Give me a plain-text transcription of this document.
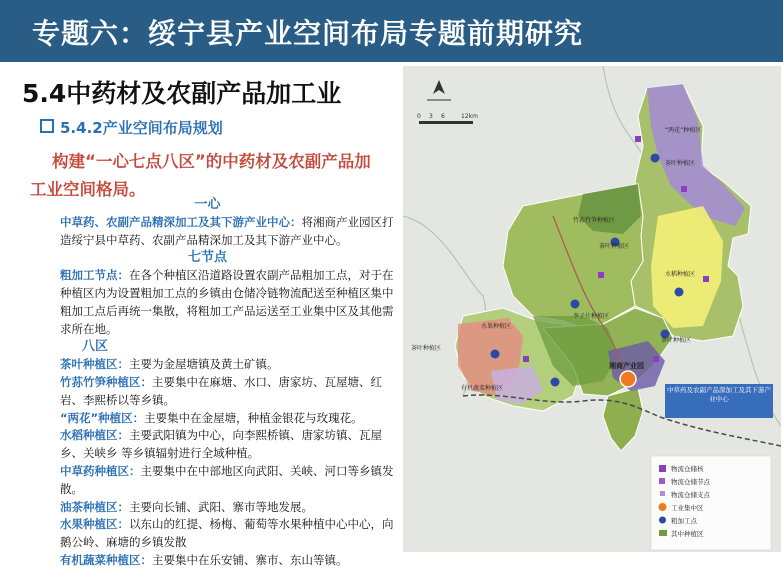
专题六：绥宁县产业空间布局专题前期研究
5.4中药材及农副产品加工业
5.4.2产业空间布局规划
构建“一心七点八区”的中药材及农副产品加
工业空间格局。

一心

中草药、农副产品精深加工及其下游产业中心：将湘商产业园区打造绥宁县中草药、农副产品精深加工及其下游产业中心。

七节点

粗加工节点：在各个种植区沿道路设置农副产品粗加工点，对于在种植区内为设置粗加工点的乡镇由仓储冷链物流配送至种植区集中粗加工点后再统一集散，将粗加工产品运送至工业集中区及其他需求所在地。

八区

茶叶种植区：主要为金屋塘镇及黄土矿镇。

竹荪竹笋种植区：主要集中在麻塘、水口、唐家坊、瓦屋塘、红岩、李熙桥以等乡镇。

“两花”种植区：主要集中在金屋塘，种植金银花与玫瑰花。

水稻种植区：主要武阳镇为中心，向李熙桥镇、唐家坊镇、瓦屋乡、关峡乡 等乡镇辐射进行全域种植。

中草药种植区：主要集中在中部地区向武阳、关峡、河口等乡镇发散。

油茶种植区：主要向长铺、武阳、寨市等地发展。

水果种植区：以东山的红提、杨梅、葡萄等水果种植中心中心，向鹅公岭、麻塘的乡镇发散

有机蔬菜种植区：主要集中在乐安铺、寨市、东山等镇。

0 3 6	12km
“两花”种植区
茶叶种植区
竹荪竹笋种植区
茶叶种植区
水稻种植区
李子片种植区
水果种植区
茶叶种植区
有机蔬菜种植区
茶叶种植区
湘商产业园
中草药及农副产品深加工及其下游产业中心
物流仓储核
物流仓储节点
物流仓储支点
工业集中区
粗加工点
其中种植区
